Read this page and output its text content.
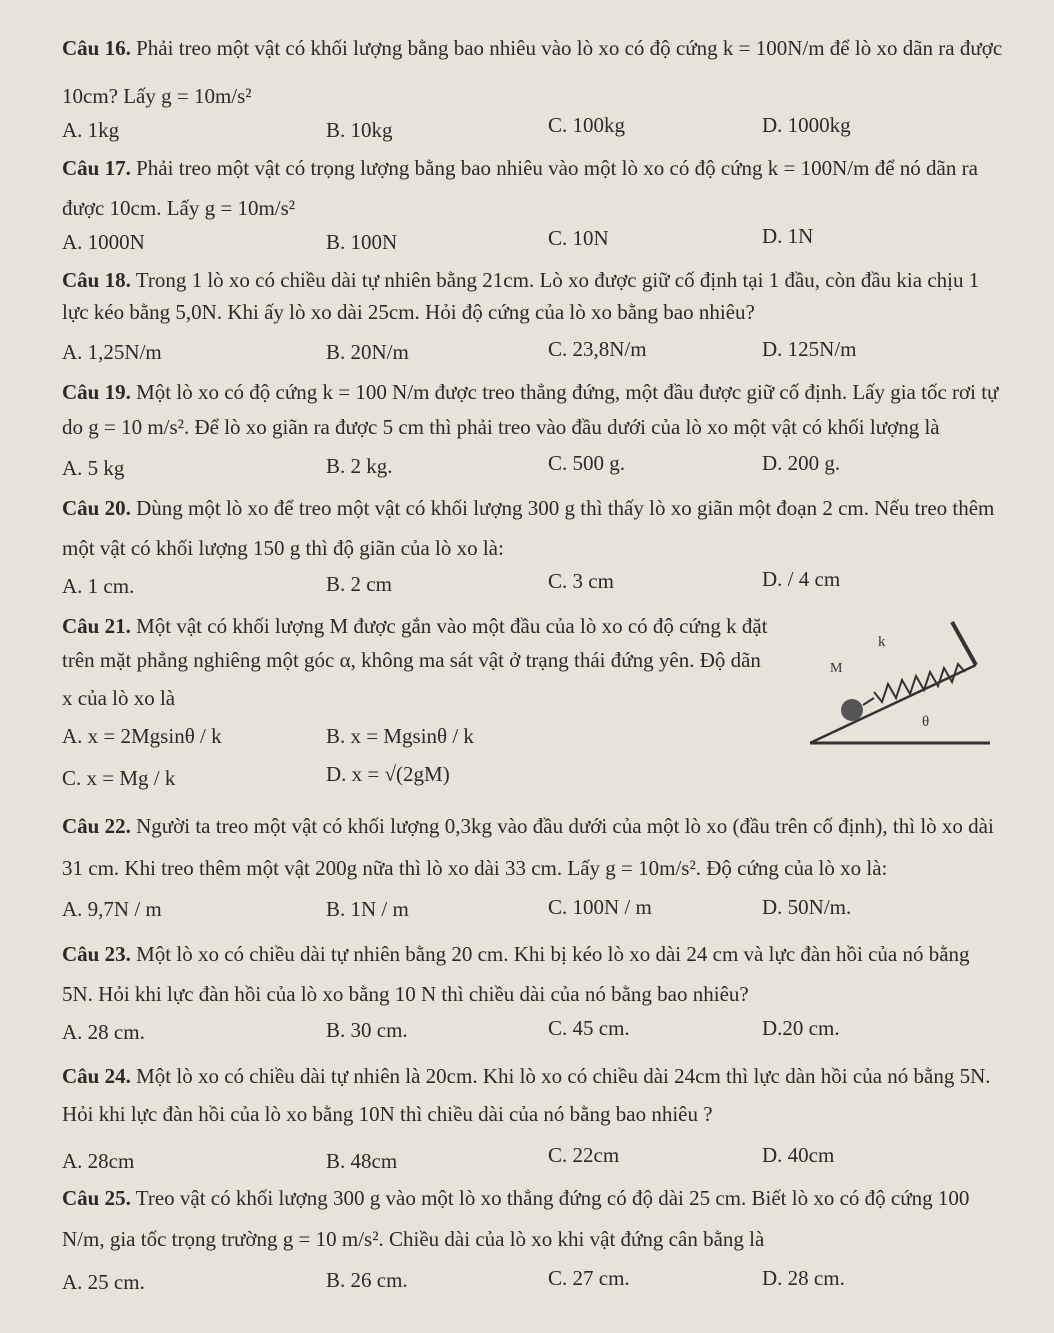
Câu 16. Phải treo một vật có khối lượng bằng bao nhiêu vào lò xo có độ cứng k = 100N/m để lò xo dãn ra được
10cm? Lấy g = 10m/s²
A. 1kg	B. 10kg	C. 100kg	D. 1000kg
Câu 17. Phải treo một vật có trọng lượng bằng bao nhiêu vào một lò xo có độ cứng k = 100N/m để nó dãn ra
được 10cm. Lấy g = 10m/s²
A. 1000N	B. 100N	C. 10N	D. 1N
Câu 18. Trong 1 lò xo có chiều dài tự nhiên bằng 21cm. Lò xo được giữ cố định tại 1 đầu, còn đầu kia chịu 1
lực kéo bằng 5,0N. Khi ấy lò xo dài 25cm. Hỏi độ cứng của lò xo bằng bao nhiêu?
A. 1,25N/m	B. 20N/m	C. 23,8N/m	D. 125N/m
Câu 19. Một lò xo có độ cứng k = 100 N/m được treo thẳng đứng, một đầu được giữ cố định. Lấy gia tốc rơi tự
do g = 10 m/s². Để lò xo giãn ra được 5 cm thì phải treo vào đầu dưới của lò xo một vật có khối lượng là
A. 5 kg	B. 2 kg.	C. 500 g.	D. 200 g.
Câu 20. Dùng một lò xo để treo một vật có khối lượng 300 g thì thấy lò xo giãn một đoạn 2 cm. Nếu treo thêm
một vật có khối lượng 150 g thì độ giãn của lò xo là:
A. 1 cm.	B. 2 cm	C. 3 cm	D. / 4 cm
Câu 21. Một vật có khối lượng M được gắn vào một đầu của lò xo có độ cứng k đặt
trên mặt phẳng nghiêng một góc α, không ma sát vật ở trạng thái đứng yên. Độ dãn
x của lò xo là
A. x = 2Mgsinθ / k	B. x = Mgsinθ / k
C. x = Mg / k	D. x = √(2gM)
k
M
θ
Câu 22. Người ta treo một vật có khối lượng 0,3kg vào đầu dưới của một lò xo (đầu trên cố định), thì lò xo dài
31 cm. Khi treo thêm một vật 200g nữa thì lò xo dài 33 cm. Lấy g = 10m/s². Độ cứng của lò xo là:
A. 9,7N / m	B. 1N / m	C. 100N / m	D. 50N/m.
Câu 23. Một lò xo có chiều dài tự nhiên bằng 20 cm. Khi bị kéo lò xo dài 24 cm và lực đàn hồi của nó bằng
5N. Hỏi khi lực đàn hồi của lò xo bằng 10 N thì chiều dài của nó bằng bao nhiêu?
A. 28 cm.	B. 30 cm.	C. 45 cm.	D.20 cm.
Câu 24. Một lò xo có chiều dài tự nhiên là 20cm. Khi lò xo có chiều dài 24cm thì lực dàn hồi của nó bằng 5N.
Hỏi khi lực đàn hồi của lò xo bằng 10N thì chiều dài của nó bằng bao nhiêu ?
A. 28cm	B. 48cm	C. 22cm	D. 40cm
Câu 25. Treo vật có khối lượng 300 g vào một lò xo thẳng đứng có độ dài 25 cm. Biết lò xo có độ cứng 100
N/m, gia tốc trọng trường g = 10 m/s². Chiều dài của lò xo khi vật đứng cân bằng là
A. 25 cm.	B. 26 cm.	C. 27 cm.	D. 28 cm.
